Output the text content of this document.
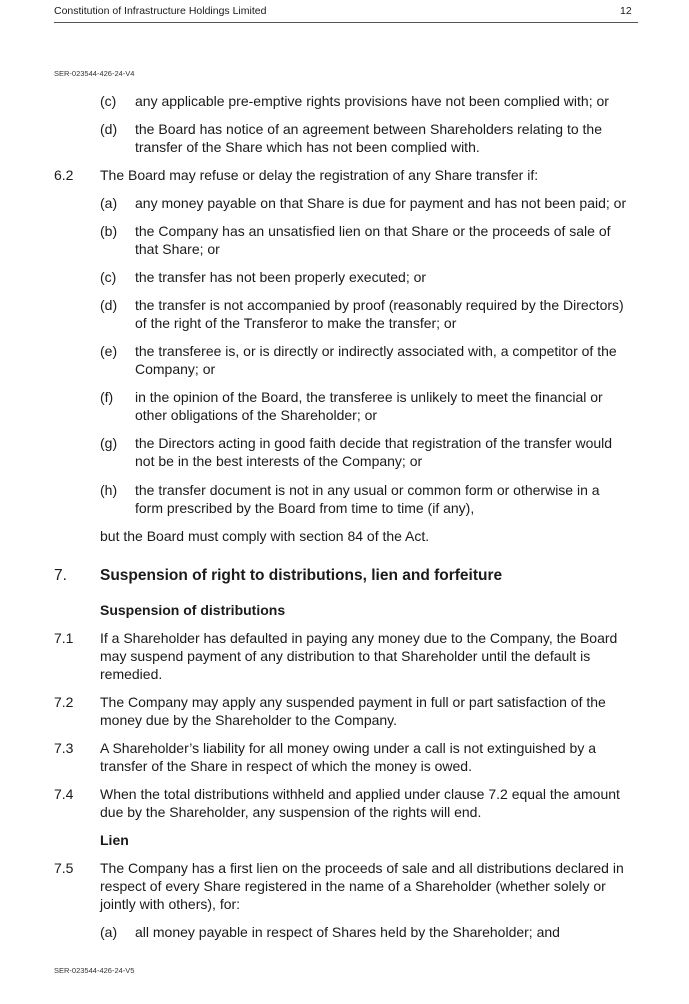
Constitution of Infrastructure Holdings Limited	12
SER-023544-426-24-V4
(c) any applicable pre-emptive rights provisions have not been complied with; or
(d) the Board has notice of an agreement between Shareholders relating to the
transfer of the Share which has not been complied with.
6.2 The Board may refuse or delay the registration of any Share transfer if:
(a) any money payable on that Share is due for payment and has not been paid; or
(b) the Company has an unsatisfied lien on that Share or the proceeds of sale of
that Share; or
(c) the transfer has not been properly executed; or
(d) the transfer is not accompanied by proof (reasonably required by the Directors)
of the right of the Transferor to make the transfer; or
(e) the transferee is, or is directly or indirectly associated with, a competitor of the
Company; or
(f) in the opinion of the Board, the transferee is unlikely to meet the financial or
other obligations of the Shareholder; or
(g) the Directors acting in good faith decide that registration of the transfer would
not be in the best interests of the Company; or
(h) the transfer document is not in any usual or common form or otherwise in a
form prescribed by the Board from time to time (if any),
but the Board must comply with section 84 of the Act.
7. Suspension of right to distributions, lien and forfeiture
Suspension of distributions
7.1 If a Shareholder has defaulted in paying any money due to the Company, the Board
may suspend payment of any distribution to that Shareholder until the default is
remedied.
7.2 The Company may apply any suspended payment in full or part satisfaction of the
money due by the Shareholder to the Company.
7.3 A Shareholder’s liability for all money owing under a call is not extinguished by a
transfer of the Share in respect of which the money is owed.
7.4 When the total distributions withheld and applied under clause 7.2 equal the amount
due by the Shareholder, any suspension of the rights will end.
Lien
7.5 The Company has a first lien on the proceeds of sale and all distributions declared in
respect of every Share registered in the name of a Shareholder (whether solely or
jointly with others), for:
(a) all money payable in respect of Shares held by the Shareholder; and
SER-023544-426-24-V5
